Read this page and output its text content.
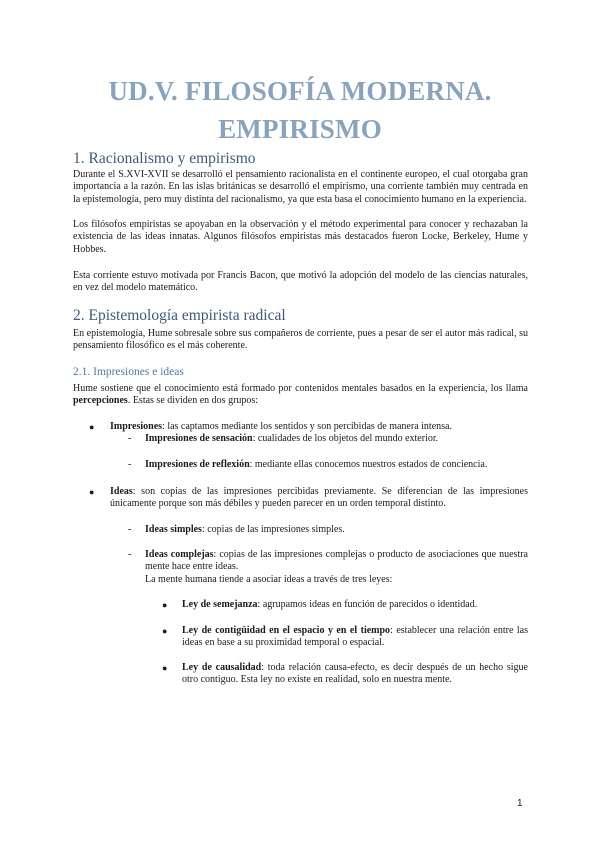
UD.V. FILOSOFÍA MODERNA.
EMPIRISMO
1. Racionalismo y empirismo

Durante el S.XVI-XVII se desarrolló el pensamiento racionalista en el continente europeo, el cual otorgaba gran importancia a la razón. En las islas británicas se desarrolló el empirismo, una corriente también muy centrada en la epistemología, pero muy distinta del racionalismo, ya que esta basa el conocimiento humano en la experiencia.

Los filósofos empiristas se apoyaban en la observación y el método experimental para conocer y rechazaban la existencia de las ideas innatas. Algunos filósofos empiristas más destacados fueron Locke, Berkeley, Hume y Hobbes.

Esta corriente estuvo motivada por Francis Bacon, que motivó la adopción del modelo de las ciencias naturales, en vez del modelo matemático.

2. Epistemología empirista radical

En epistemología, Hume sobresale sobre sus compañeros de corriente, pues a pesar de ser el autor más radical, su pensamiento filosófico es el más coherente.

2.1. Impresiones e ideas

Hume sostiene que el conocimiento está formado por contenidos mentales basados en la experiencia, los llama percepciones. Estas se dividen en dos grupos:

● Impresiones: las captamos mediante los sentidos y son percibidas de manera intensa.
- Impresiones de sensación: cualidades de los objetos del mundo exterior.
- Impresiones de reflexión: mediante ellas conocemos nuestros estados de conciencia.
● Ideas: son copias de las impresiones percibidas previamente. Se diferencian de las impresiones únicamente porque son más débiles y pueden parecer en un orden temporal distinto.
- Ideas simples: copias de las impresiones simples.
- Ideas complejas: copias de las impresiones complejas o producto de asociaciones que nuestra mente hace entre ideas.
La mente humana tiende a asociar ideas a través de tres leyes:
● Ley de semejanza: agrupamos ideas en función de parecidos o identidad.
● Ley de contigüidad en el espacio y en el tiempo: establecer una relación entre las ideas en base a su proximidad temporal o espacial.
● Ley de causalidad: toda relación causa-efecto, es decir después de un hecho sigue otro contiguo. Esta ley no existe en realidad, solo en nuestra mente.
1
